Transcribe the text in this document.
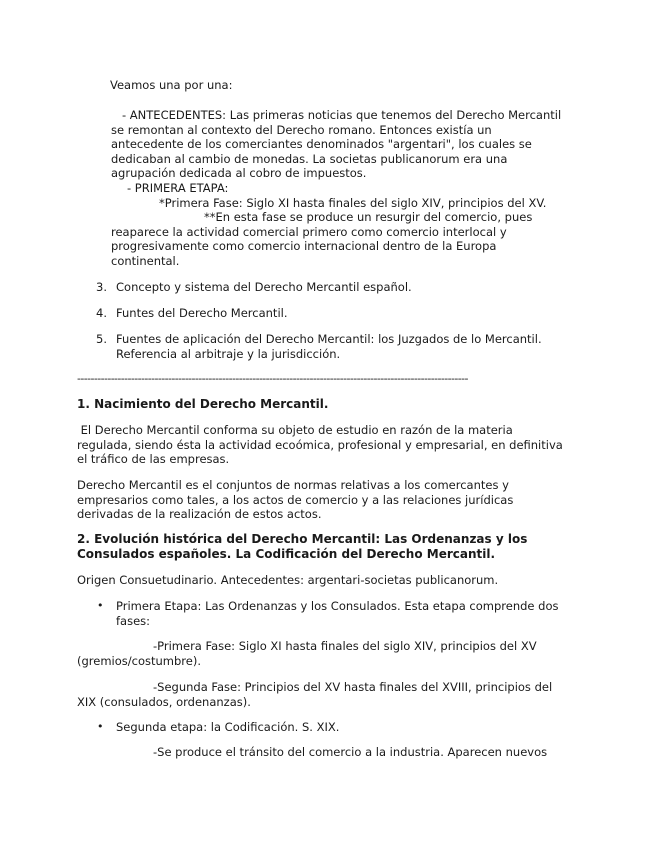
Veamos una por una:
- ANTECEDENTES: Las primeras noticias que tenemos del Derecho Mercantil
se remontan al contexto del Derecho romano. Entonces existía un
antecedente de los comerciantes denominados "argentari", los cuales se
dedicaban al cambio de monedas. La societas publicanorum era una
agrupación dedicada al cobro de impuestos.
- PRIMERA ETAPA:
*Primera Fase: Siglo XI hasta finales del siglo XIV, principios del XV.
**En esta fase se produce un resurgir del comercio, pues
reaparece la actividad comercial primero como comercio interlocal y
progresivamente como comercio internacional dentro de la Europa
continental.
3. Concepto y sistema del Derecho Mercantil español.
4. Funtes del Derecho Mercantil.
5. Fuentes de aplicación del Derecho Mercantil: los Juzgados de lo Mercantil.
Referencia al arbitraje y la jurisdicción.
--------------------------------------------------------------------------------------------------------------------
1. Nacimiento del Derecho Mercantil.
El Derecho Mercantil conforma su objeto de estudio en razón de la materia
regulada, siendo ésta la actividad ecoómica, profesional y empresarial, en definitiva
el tráfico de las empresas.
Derecho Mercantil es el conjuntos de normas relativas a los comercantes y
empresarios como tales, a los actos de comercio y a las relaciones jurídicas
derivadas de la realización de estos actos.
2. Evolución histórica del Derecho Mercantil: Las Ordenanzas y los
Consulados españoles. La Codificación del Derecho Mercantil.
Origen Consuetudinario. Antecedentes: argentari-societas publicanorum.
• Primera Etapa: Las Ordenanzas y los Consulados. Esta etapa comprende dos
fases:
-Primera Fase: Siglo XI hasta finales del siglo XIV, principios del XV
(gremios/costumbre).
-Segunda Fase: Principios del XV hasta finales del XVIII, principios del
XIX (consulados, ordenanzas).
• Segunda etapa: la Codificación. S. XIX.
-Se produce el tránsito del comercio a la industria. Aparecen nuevos
